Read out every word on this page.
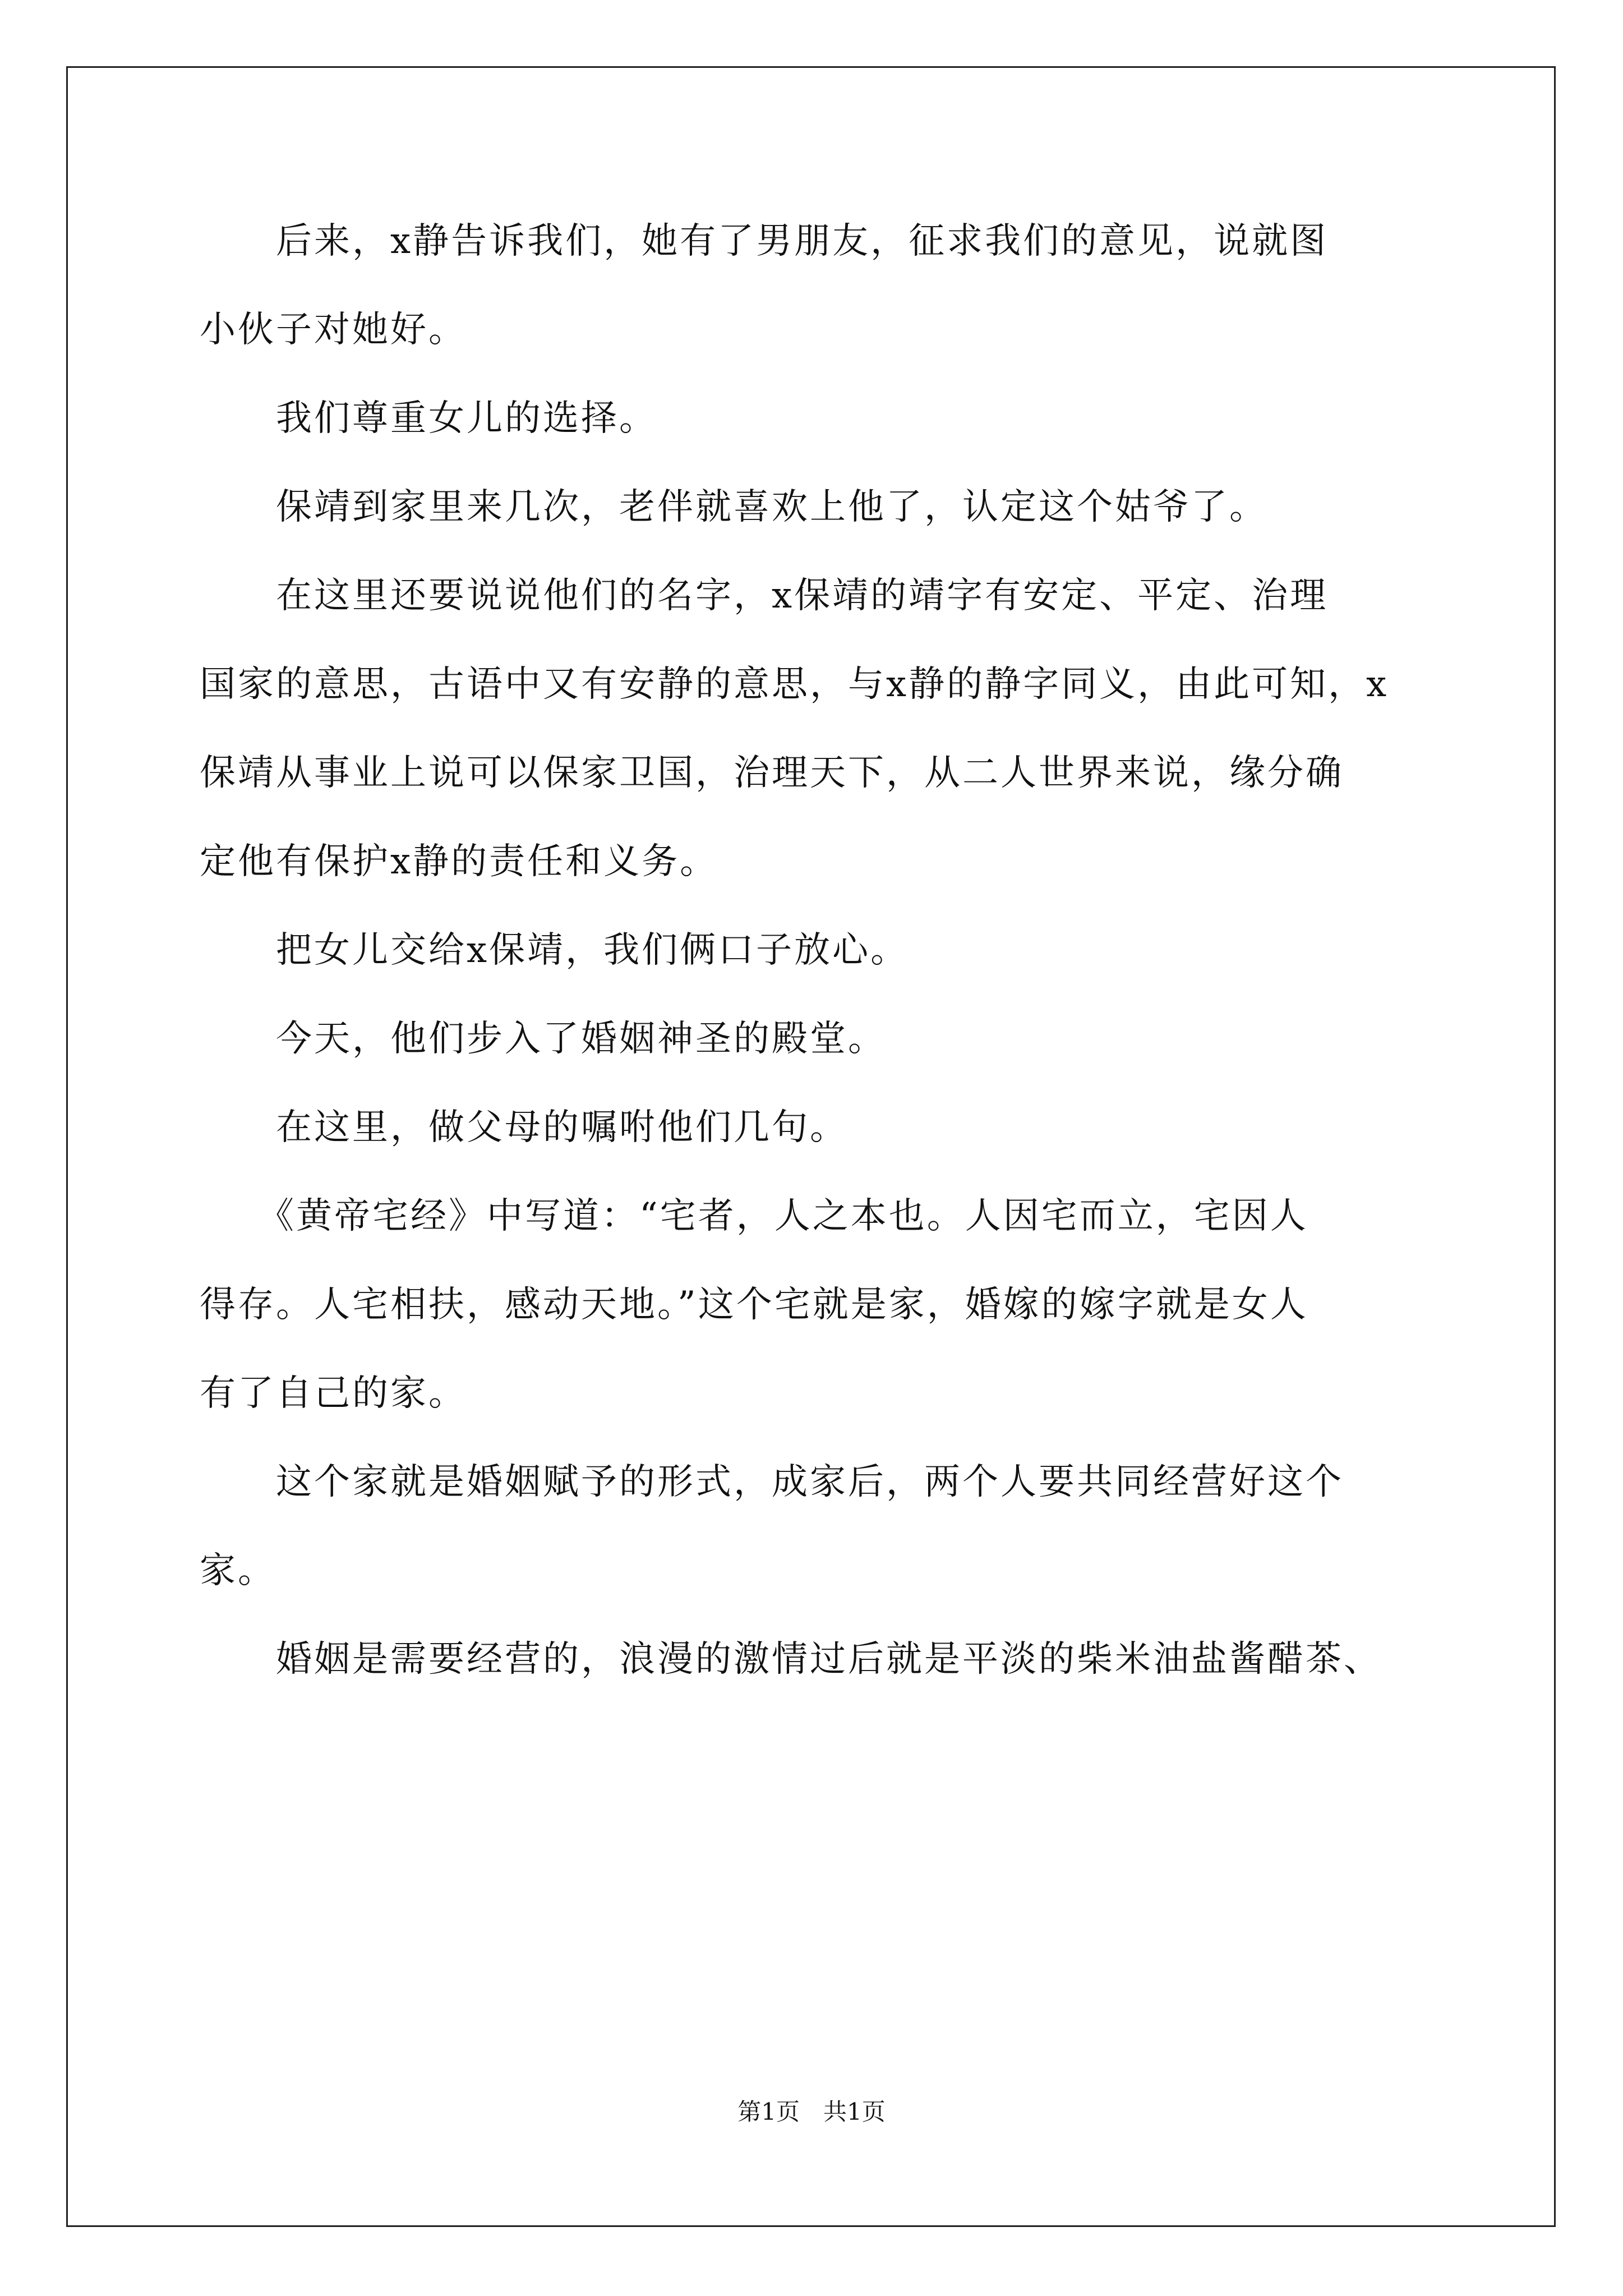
　　后来，x静告诉我们，她有了男朋友，征求我们的意见，说就图
小伙子对她好。
　　我们尊重女儿的选择。
　　保靖到家里来几次，老伴就喜欢上他了，认定这个姑爷了。
　　在这里还要说说他们的名字，x保靖的靖字有安定、平定、治理
国家的意思，古语中又有安静的意思，与x静的静字同义，由此可知，x
保靖从事业上说可以保家卫国，治理天下，从二人世界来说，缘分确
定他有保护x静的责任和义务。
　　把女儿交给x保靖，我们俩口子放心。
　　今天，他们步入了婚姻神圣的殿堂。
　　在这里，做父母的嘱咐他们几句。
　　《黄帝宅经》中写道：“宅者，人之本也。人因宅而立，宅因人
得存。人宅相扶，感动天地。”这个宅就是家，婚嫁的嫁字就是女人
有了自己的家。
　　这个家就是婚姻赋予的形式，成家后，两个人要共同经营好这个
家。
　　婚姻是需要经营的，浪漫的激情过后就是平淡的柴米油盐酱醋茶、
第1页　共1页
